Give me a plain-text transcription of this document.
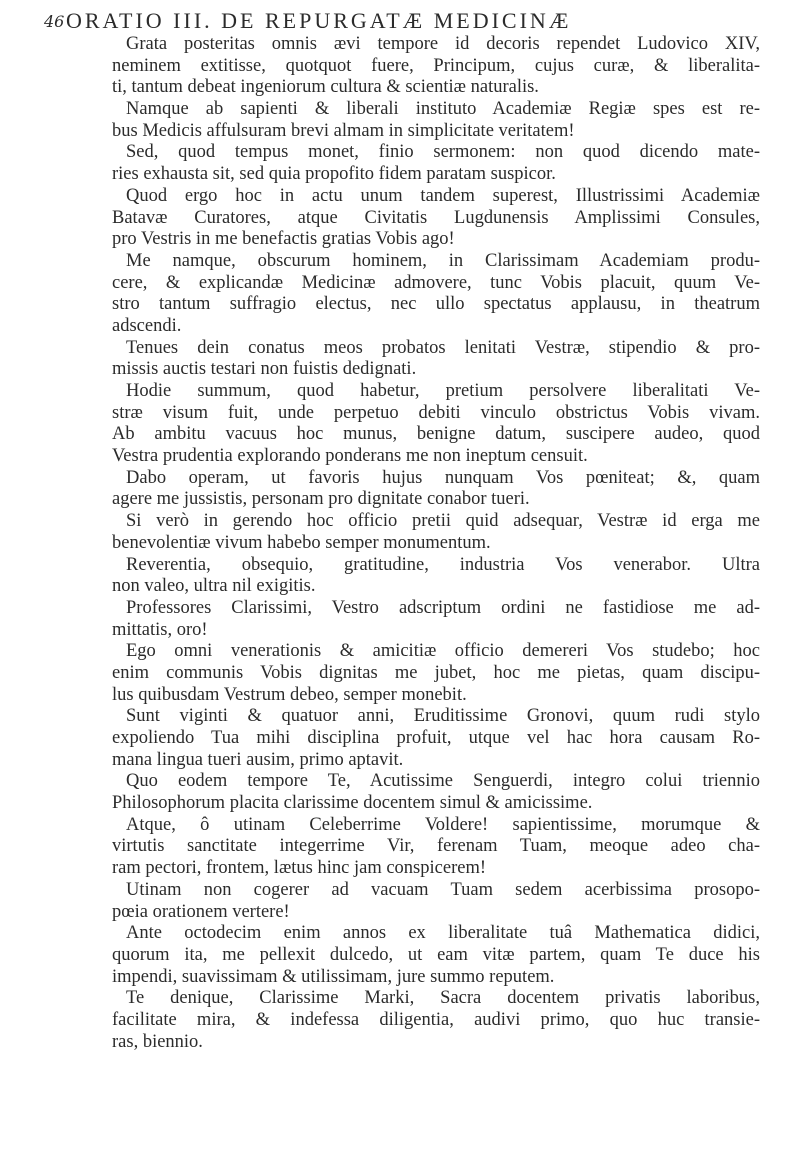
46 ORATIO III. DE REPURGATÆ MEDICINÆ
Grata posteritas omnis ævi tempore id decoris rependet Ludovico XIV,
neminem extitisse, quotquot fuere, Principum, cujus curæ, & liberalita-
ti, tantum debeat ingeniorum cultura & scientiæ naturalis.
Namque ab sapienti & liberali instituto Academiæ Regiæ spes est re-
bus Medicis affulsuram brevi almam in simplicitate veritatem!
Sed, quod tempus monet, finio sermonem: non quod dicendo mate-
ries exhausta sit, sed quia propofito fidem paratam suspicor.
Quod ergo hoc in actu unum tandem superest, Illustrissimi Academiæ
Batavæ Curatores, atque Civitatis Lugdunensis Amplissimi Consules,
pro Vestris in me benefactis gratias Vobis ago!
Me namque, obscurum hominem, in Clarissimam Academiam produ-
cere, & explicandæ Medicinæ admovere, tunc Vobis placuit, quum Ve-
stro tantum suffragio electus, nec ullo spectatus applausu, in theatrum
adscendi.
Tenues dein conatus meos probatos lenitati Vestræ, stipendio & pro-
missis auctis testari non fuistis dedignati.
Hodie summum, quod habetur, pretium persolvere liberalitati Ve-
stræ visum fuit, unde perpetuo debiti vinculo obstrictus Vobis vivam.
Ab ambitu vacuus hoc munus, benigne datum, suscipere audeo, quod
Vestra prudentia explorando ponderans me non ineptum censuit.
Dabo operam, ut favoris hujus nunquam Vos pœniteat; &, quam
agere me jussistis, personam pro dignitate conabor tueri.
Si verò in gerendo hoc officio pretii quid adsequar, Vestræ id erga me
benevolentiæ vivum habebo semper monumentum.
Reverentia, obsequio, gratitudine, industria Vos venerabor. Ultra
non valeo, ultra nil exigitis.
Professores Clarissimi, Vestro adscriptum ordini ne fastidiose me ad-
mittatis, oro!
Ego omni venerationis & amicitiæ officio demereri Vos studebo; hoc
enim communis Vobis dignitas me jubet, hoc me pietas, quam discipu-
lus quibusdam Vestrum debeo, semper monebit.
Sunt viginti & quatuor anni, Eruditissime Gronovi, quum rudi stylo
expoliendo Tua mihi disciplina profuit, utque vel hac hora causam Ro-
mana lingua tueri ausim, primo aptavit.
Quo eodem tempore Te, Acutissime Senguerdi, integro colui triennio
Philosophorum placita clarissime docentem simul & amicissime.
Atque, ô utinam Celeberrime Voldere! sapientissime, morumque &
virtutis sanctitate integerrime Vir, ferenam Tuam, meoque adeo cha-
ram pectori, frontem, lætus hinc jam conspicerem!
Utinam non cogerer ad vacuam Tuam sedem acerbissima prosopo-
pœia orationem vertere!
Ante octodecim enim annos ex liberalitate tuâ Mathematica didici,
quorum ita, me pellexit dulcedo, ut eam vitæ partem, quam Te duce his
impendi, suavissimam & utilissimam, jure summo reputem.
Te denique, Clarissime Marki, Sacra docentem privatis laboribus,
facilitate mira, & indefessa diligentia, audivi primo, quo huc transie-
ras, biennio.
